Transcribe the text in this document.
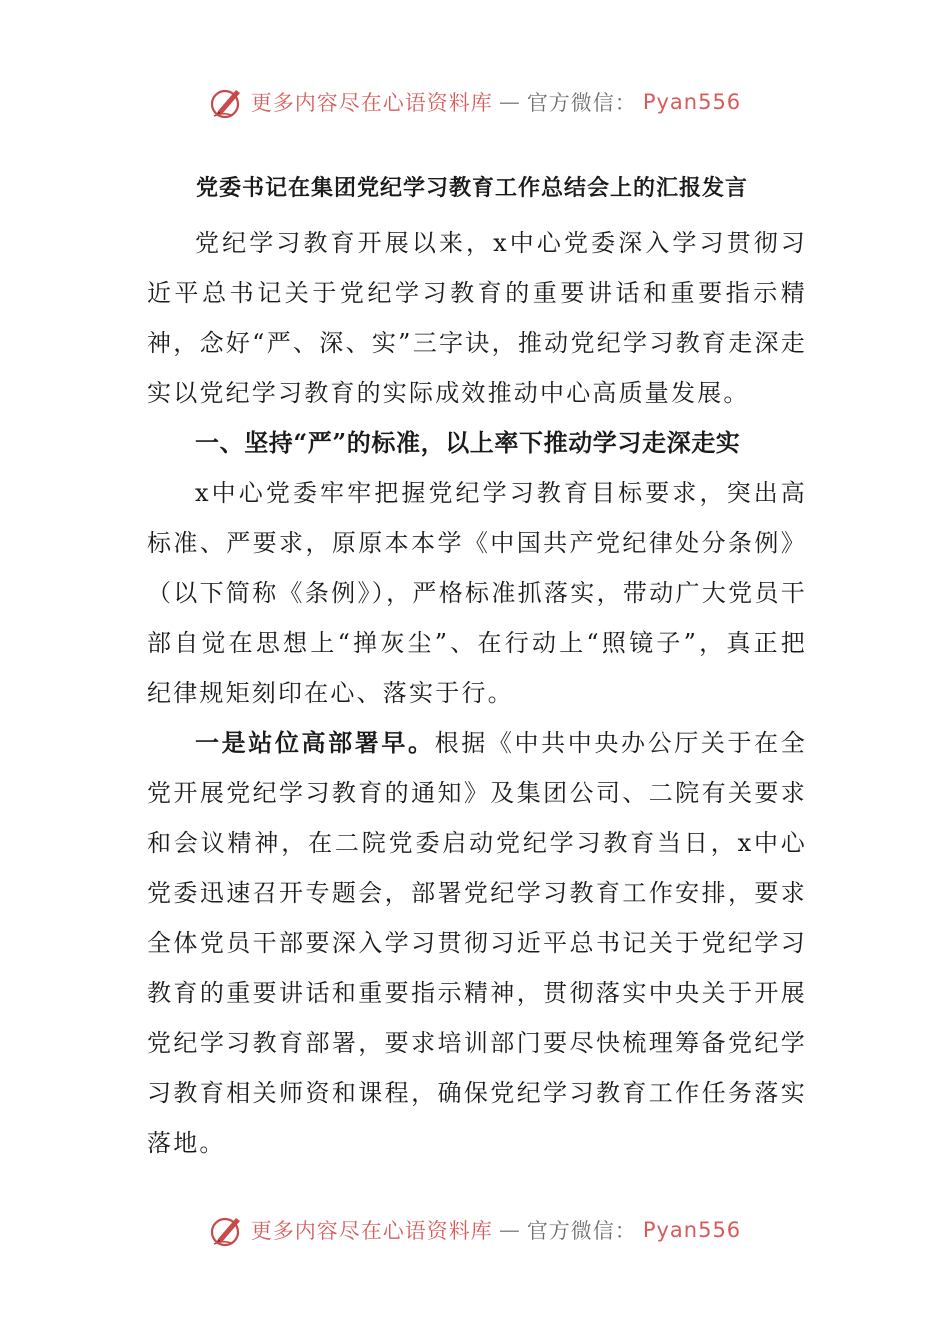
更多内容尽在心语资料库 — 官方微信： Pyan556
党委书记在集团党纪学习教育工作总结会上的汇报发言

党纪学习教育开展以来，x中心党委深入学习贯彻习近平总书记关于党纪学习教育的重要讲话和重要指示精神，念好“严、深、实”三字诀，推动党纪学习教育走深走实以党纪学习教育的实际成效推动中心高质量发展。

一、坚持“严”的标准，以上率下推动学习走深走实

x中心党委牢牢把握党纪学习教育目标要求，突出高标准、严要求，原原本本学《中国共产党纪律处分条例》（以下简称《条例》），严格标准抓落实，带动广大党员干部自觉在思想上“掸灰尘”、在行动上“照镜子”，真正把纪律规矩刻印在心、落实于行。

一是站位高部署早。根据《中共中央办公厅关于在全党开展党纪学习教育的通知》及集团公司、二院有关要求和会议精神，在二院党委启动党纪学习教育当日，x中心党委迅速召开专题会，部署党纪学习教育工作安排，要求全体党员干部要深入学习贯彻习近平总书记关于党纪学习教育的重要讲话和重要指示精神，贯彻落实中央关于开展党纪学习教育部署，要求培训部门要尽快梳理筹备党纪学习教育相关师资和课程，确保党纪学习教育工作任务落实落地。

更多内容尽在心语资料库 — 官方微信： Pyan556
